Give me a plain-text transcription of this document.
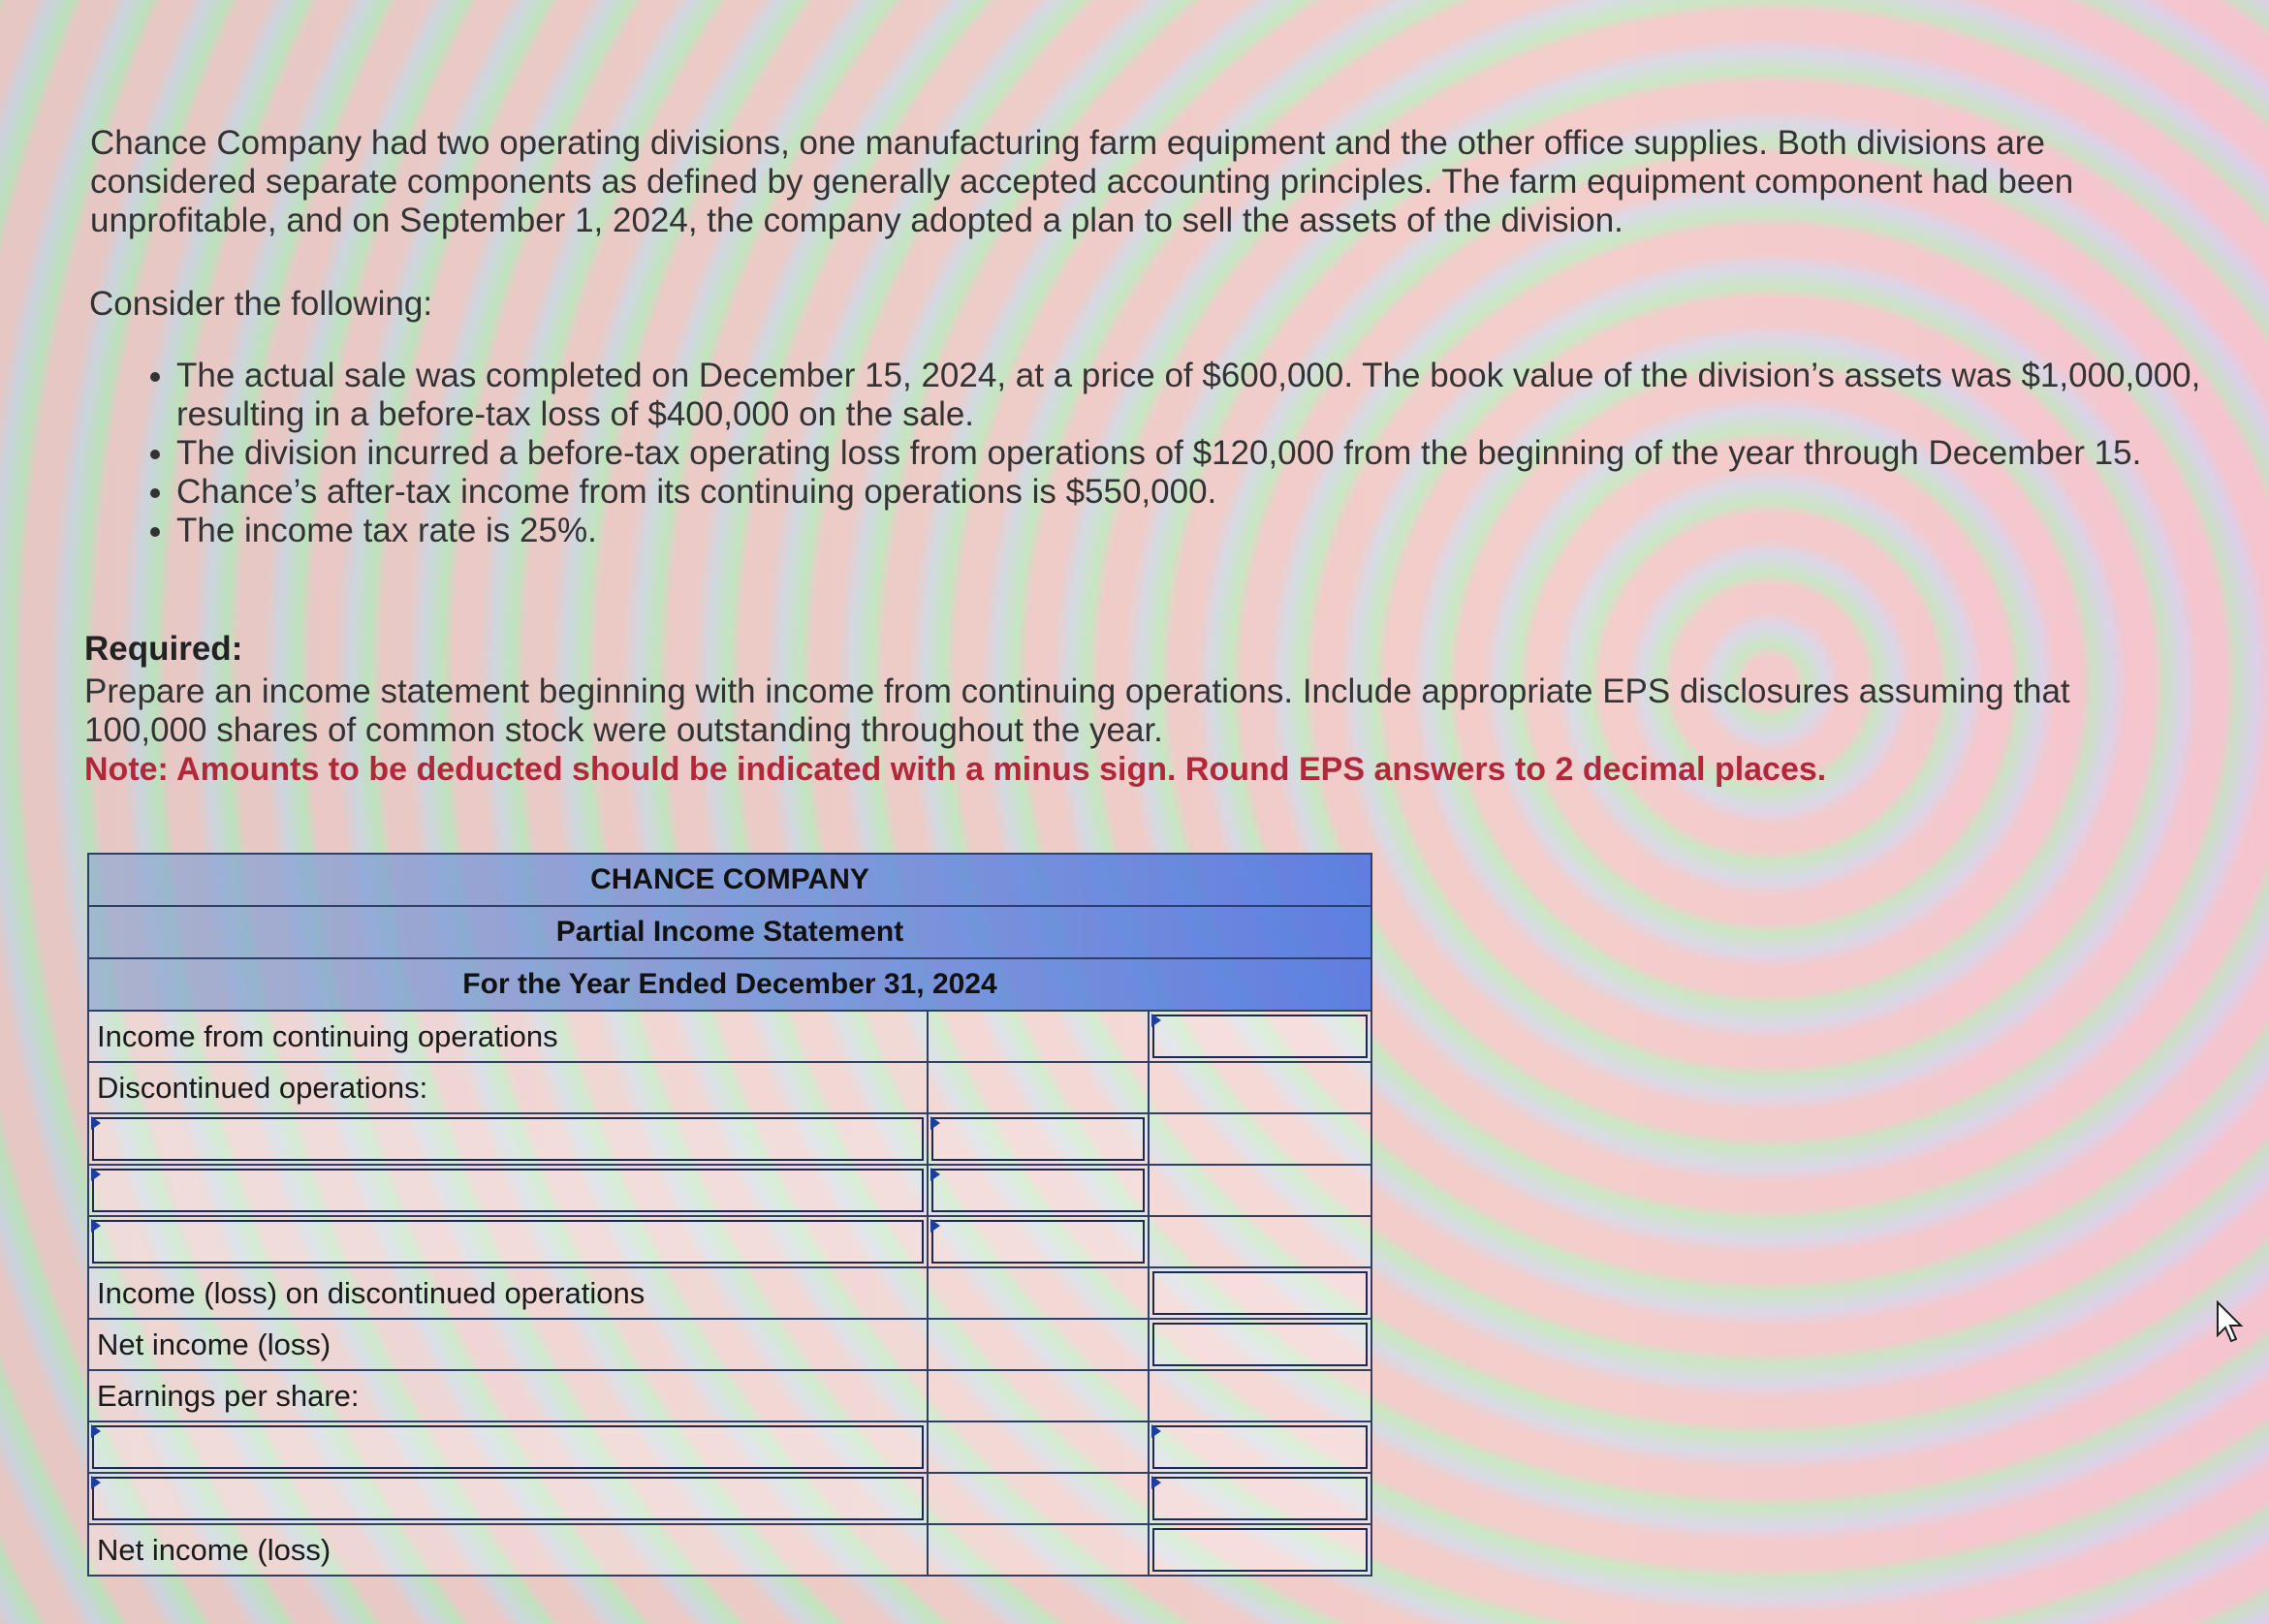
Chance Company had two operating divisions, one manufacturing farm equipment and the other office supplies. Both divisions are considered separate components as defined by generally accepted accounting principles. The farm equipment component had been unprofitable, and on September 1, 2024, the company adopted a plan to sell the assets of the division.
Consider the following:
• The actual sale was completed on December 15, 2024, at a price of $600,000. The book value of the division’s assets was $1,000,000, resulting in a before-tax loss of $400,000 on the sale.
• The division incurred a before-tax operating loss from operations of $120,000 from the beginning of the year through December 15.
• Chance’s after-tax income from its continuing operations is $550,000.
• The income tax rate is 25%.
Required:
Prepare an income statement beginning with income from continuing operations. Include appropriate EPS disclosures assuming that 100,000 shares of common stock were outstanding throughout the year.
Note: Amounts to be deducted should be indicated with a minus sign. Round EPS answers to 2 decimal places.
CHANCE COMPANY
Partial Income Statement
For the Year Ended December 31, 2024
Income from continuing operations
Discontinued operations:
Income (loss) on discontinued operations
Net income (loss)
Earnings per share:
Net income (loss)
